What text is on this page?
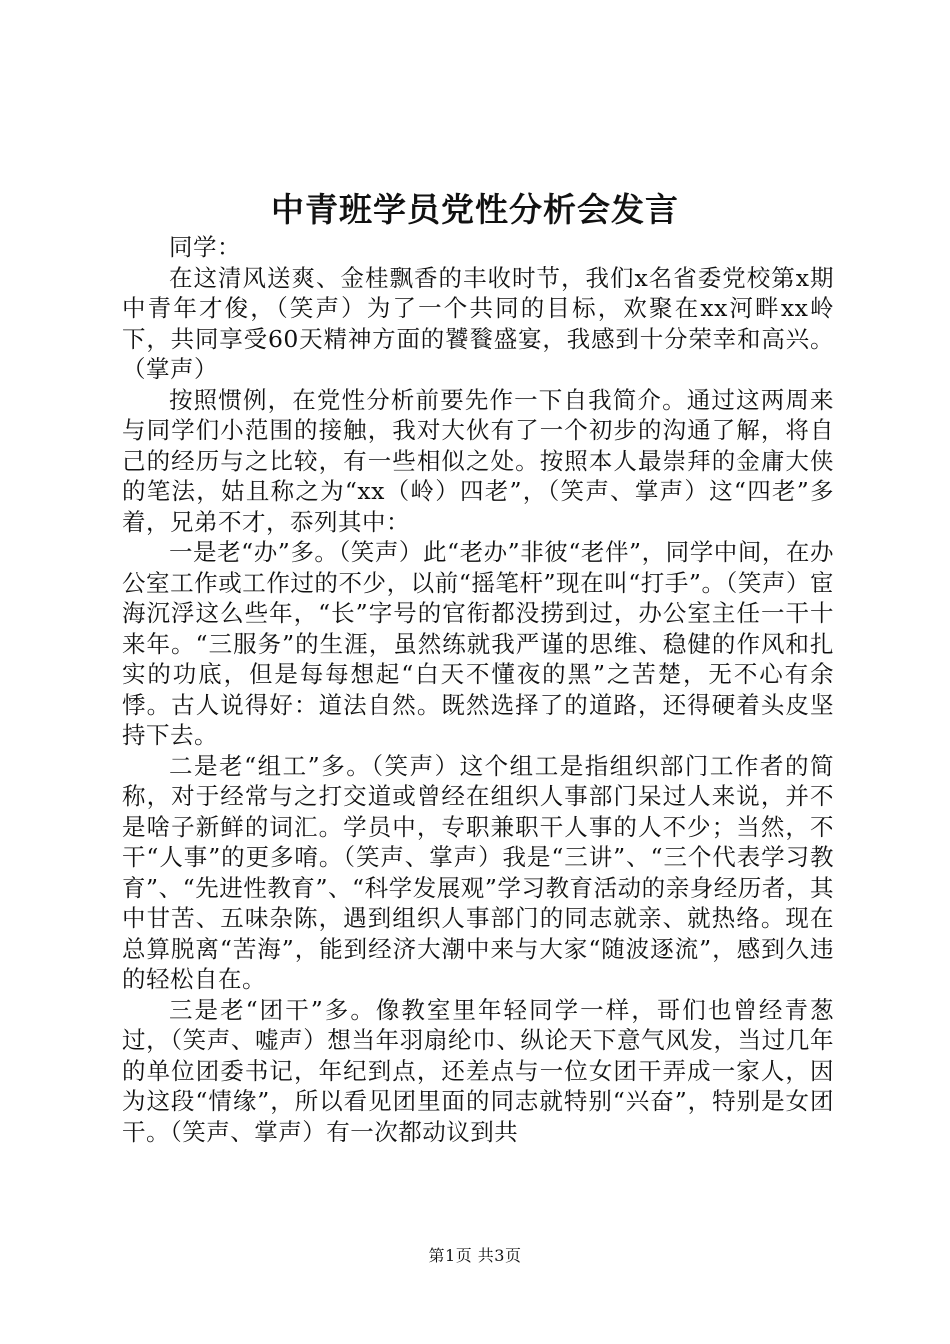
中青班学员党性分析会发言

同学：

在这清风送爽、金桂飘香的丰收时节，我们x名省委党校第x期中青年才俊，（笑声）为了一个共同的目标，欢聚在xx河畔xx岭下，共同享受60天精神方面的饕餮盛宴，我感到十分荣幸和高兴。（掌声）

按照惯例，在党性分析前要先作一下自我简介。通过这两周来与同学们小范围的接触，我对大伙有了一个初步的沟通了解，将自己的经历与之比较，有一些相似之处。按照本人最崇拜的金庸大侠的笔法，姑且称之为“xx（岭）四老”，（笑声、掌声）这“四老”多着，兄弟不才，忝列其中：

一是老“办”多。（笑声）此“老办”非彼“老伴”，同学中间，在办公室工作或工作过的不少，以前“摇笔杆”现在叫“打手”。（笑声）宦海沉浮这么些年，“长”字号的官衔都没捞到过，办公室主任一干十来年。“三服务”的生涯，虽然练就我严谨的思维、稳健的作风和扎实的功底，但是每每想起“白天不懂夜的黑”之苦楚，无不心有余悸。古人说得好：道法自然。既然选择了的道路，还得硬着头皮坚持下去。

二是老“组工”多。（笑声）这个组工是指组织部门工作者的简称，对于经常与之打交道或曾经在组织人事部门呆过人来说，并不是啥子新鲜的词汇。学员中，专职兼职干人事的人不少；当然，不干“人事”的更多唷。（笑声、掌声）我是“三讲”、“三个代表学习教育”、“先进性教育”、“科学发展观”学习教育活动的亲身经历者，其中甘苦、五味杂陈，遇到组织人事部门的同志就亲、就热络。现在总算脱离“苦海”，能到经济大潮中来与大家“随波逐流”，感到久违的轻松自在。

三是老“团干”多。像教室里年轻同学一样，哥们也曾经青葱过，（笑声、嘘声）想当年羽扇纶巾、纵论天下意气风发，当过几年的单位团委书记，年纪到点，还差点与一位女团干弄成一家人，因为这段“情缘”，所以看见团里面的同志就特别“兴奋”，特别是女团干。（笑声、掌声）有一次都动议到共

第1页 共3页
